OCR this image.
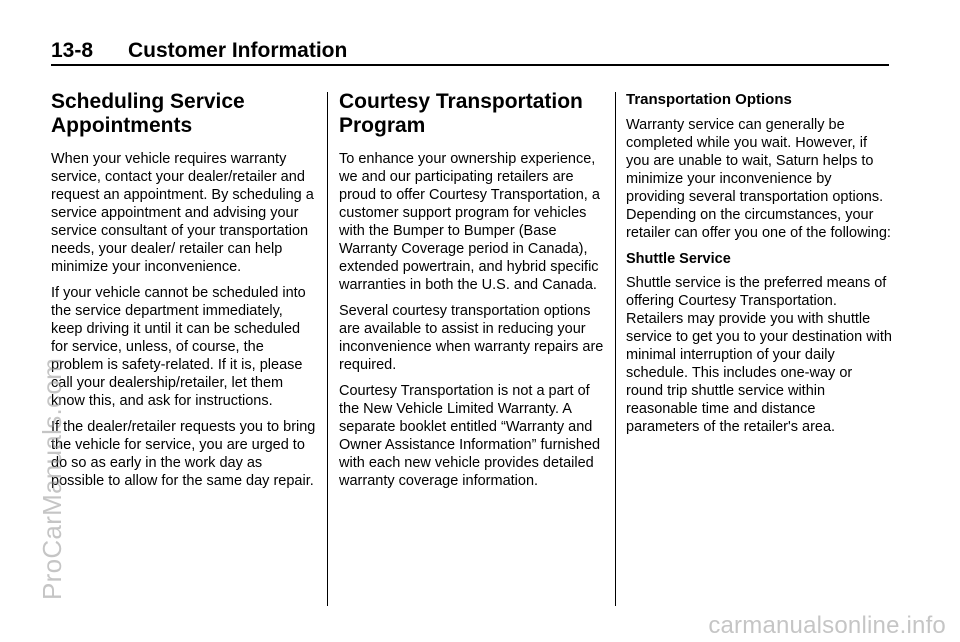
13-8 Customer Information
Scheduling Service Appointments

When your vehicle requires warranty service, contact your dealer/retailer and request an appointment. By scheduling a service appointment and advising your service consultant of your transportation needs, your dealer/ retailer can help minimize your inconvenience.

If your vehicle cannot be scheduled into the service department immediately, keep driving it until it can be scheduled for service, unless, of course, the problem is safety-related. If it is, please call your dealership/retailer, let them know this, and ask for instructions.

If the dealer/retailer requests you to bring the vehicle for service, you are urged to do so as early in the work day as possible to allow for the same day repair.

Courtesy Transportation Program

To enhance your ownership experience, we and our participating retailers are proud to offer Courtesy Transportation, a customer support program for vehicles with the Bumper to Bumper (Base Warranty Coverage period in Canada), extended powertrain, and hybrid specific warranties in both the U.S. and Canada.

Several courtesy transportation options are available to assist in reducing your inconvenience when warranty repairs are required.

Courtesy Transportation is not a part of the New Vehicle Limited Warranty. A separate booklet entitled “Warranty and Owner Assistance Information” furnished with each new vehicle provides detailed warranty coverage information.

Transportation Options

Warranty service can generally be completed while you wait. However, if you are unable to wait, Saturn helps to minimize your inconvenience by providing several transportation options. Depending on the circumstances, your retailer can offer you one of the following:

Shuttle Service

Shuttle service is the preferred means of offering Courtesy Transportation. Retailers may provide you with shuttle service to get you to your destination with minimal interruption of your daily schedule. This includes one-way or round trip shuttle service within reasonable time and distance parameters of the retailer's area.

ProCarManuals.com
carmanualsonline.info
